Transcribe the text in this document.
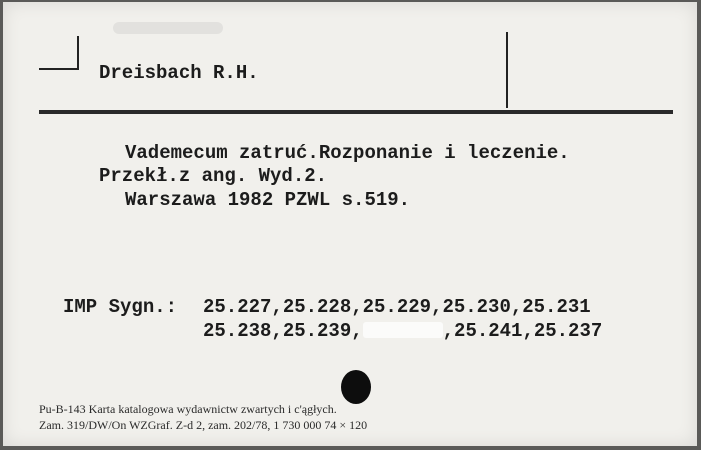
Dreisbach R.H.
Vademecum zatruć.Rozponanie i leczenie.
Przekł.z ang. Wyd.2.
Warszawa 1982 PZWL s.519.
IMP Sygn.: 25.227,25.228,25.229,25.230,25.231
25.238,25.239,	,25.241,25.237
Pu-B-143 Karta katalogowa wydawnictw zwartych i c'ągłych.
Zam. 319/DW/On WZGraf. Z-d 2, zam. 202/78, 1 730 000 74 × 120
